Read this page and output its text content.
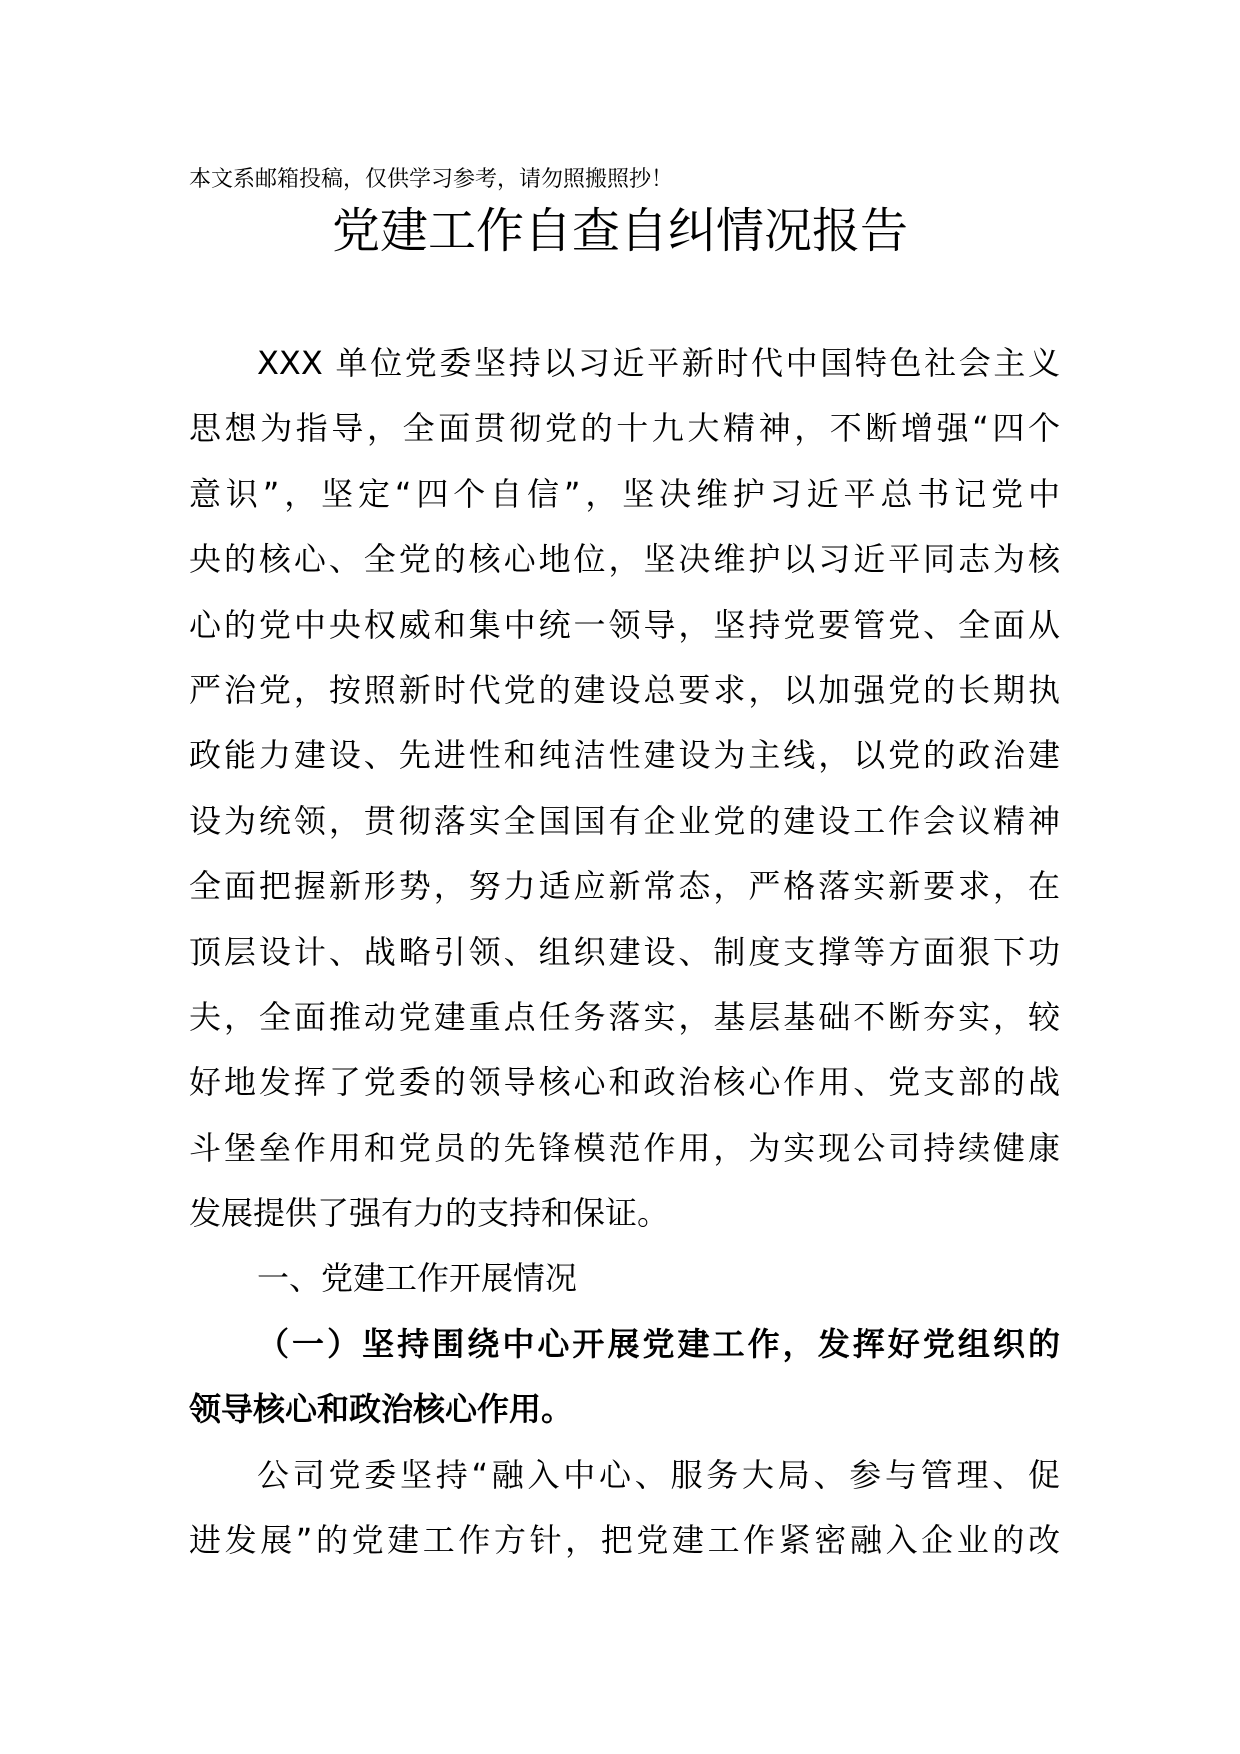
本文系邮箱投稿，仅供学习参考，请勿照搬照抄！
党建工作自查自纠情况报告
XXX 单位党委坚持以习近平新时代中国特色社会主义
思想为指导，全面贯彻党的十九大精神，不断增强“四个
意识”，坚定“四个自信”，坚决维护习近平总书记党中
央的核心、全党的核心地位，坚决维护以习近平同志为核
心的党中央权威和集中统一领导，坚持党要管党、全面从
严治党，按照新时代党的建设总要求，以加强党的长期执
政能力建设、先进性和纯洁性建设为主线，以党的政治建
设为统领，贯彻落实全国国有企业党的建设工作会议精神
全面把握新形势，努力适应新常态，严格落实新要求，在
顶层设计、战略引领、组织建设、制度支撑等方面狠下功
夫，全面推动党建重点任务落实，基层基础不断夯实，较
好地发挥了党委的领导核心和政治核心作用、党支部的战
斗堡垒作用和党员的先锋模范作用，为实现公司持续健康
发展提供了强有力的支持和保证。
一、党建工作开展情况
（一）坚持围绕中心开展党建工作，发挥好党组织的
领导核心和政治核心作用。
公司党委坚持“融入中心、服务大局、参与管理、促
进发展”的党建工作方针，把党建工作紧密融入企业的改
